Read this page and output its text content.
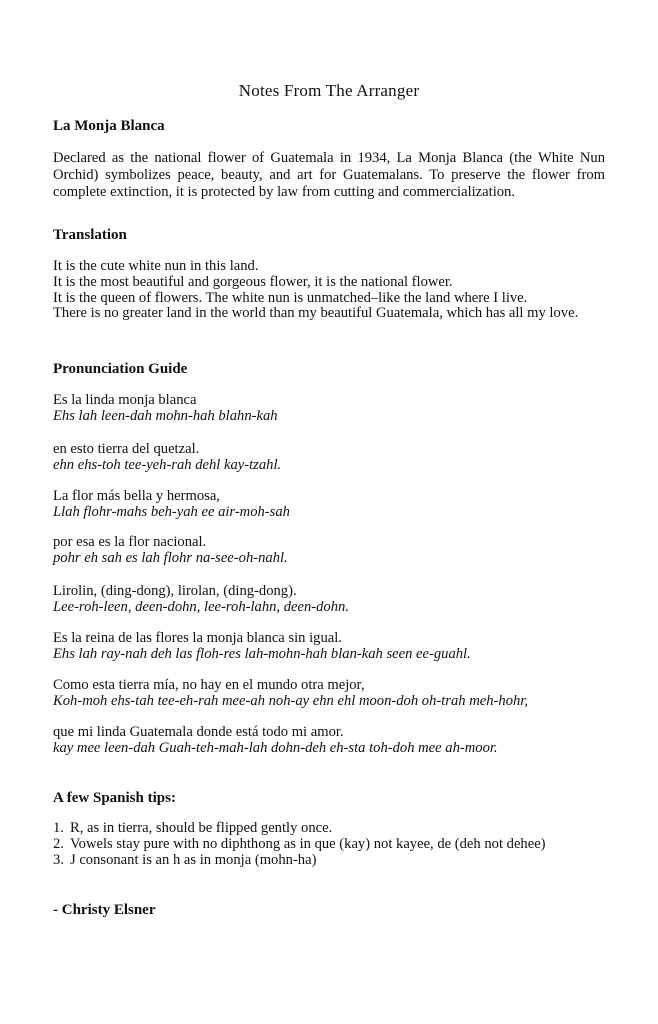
Notes From The Arranger
La Monja Blanca
Declared as the national flower of Guatemala in 1934, La Monja Blanca (the White Nun Orchid) symbolizes peace, beauty, and art for Guatemalans. To preserve the flower from complete extinction, it is protected by law from cutting and commercialization.
Translation
It is the cute white nun in this land.
It is the most beautiful and gorgeous flower, it is the national flower.
It is the queen of flowers. The white nun is unmatched–like the land where I live.
There is no greater land in the world than my beautiful Guatemala, which has all my love.
Pronunciation Guide
Es la linda monja blanca
Ehs lah leen-dah mohn-hah blahn-kah
en esto tierra del quetzal.
ehn ehs-toh tee-yeh-rah dehl kay-tzahl.
La flor más bella y hermosa,
Llah flohr-mahs beh-yah ee air-moh-sah
por esa es la flor nacional.
pohr eh sah es lah flohr na-see-oh-nahl.
Lirolin, (ding-dong), lirolan, (ding-dong).
Lee-roh-leen, deen-dohn, lee-roh-lahn, deen-dohn.
Es la reina de las flores la monja blanca sin igual.
Ehs lah ray-nah deh las floh-res lah-mohn-hah blan-kah seen ee-guahl.
Como esta tierra mía, no hay en el mundo otra mejor,
Koh-moh ehs-tah tee-eh-rah mee-ah noh-ay ehn ehl moon-doh oh-trah meh-hohr,
que mi linda Guatemala donde está todo mi amor.
kay mee leen-dah Guah-teh-mah-lah dohn-deh eh-sta toh-doh mee ah-moor.
A few Spanish tips:
1. R, as in tierra, should be flipped gently once.
2. Vowels stay pure with no diphthong as in que (kay) not kayee, de (deh not dehee)
3. J consonant is an h as in monja (mohn-ha)
- Christy Elsner
